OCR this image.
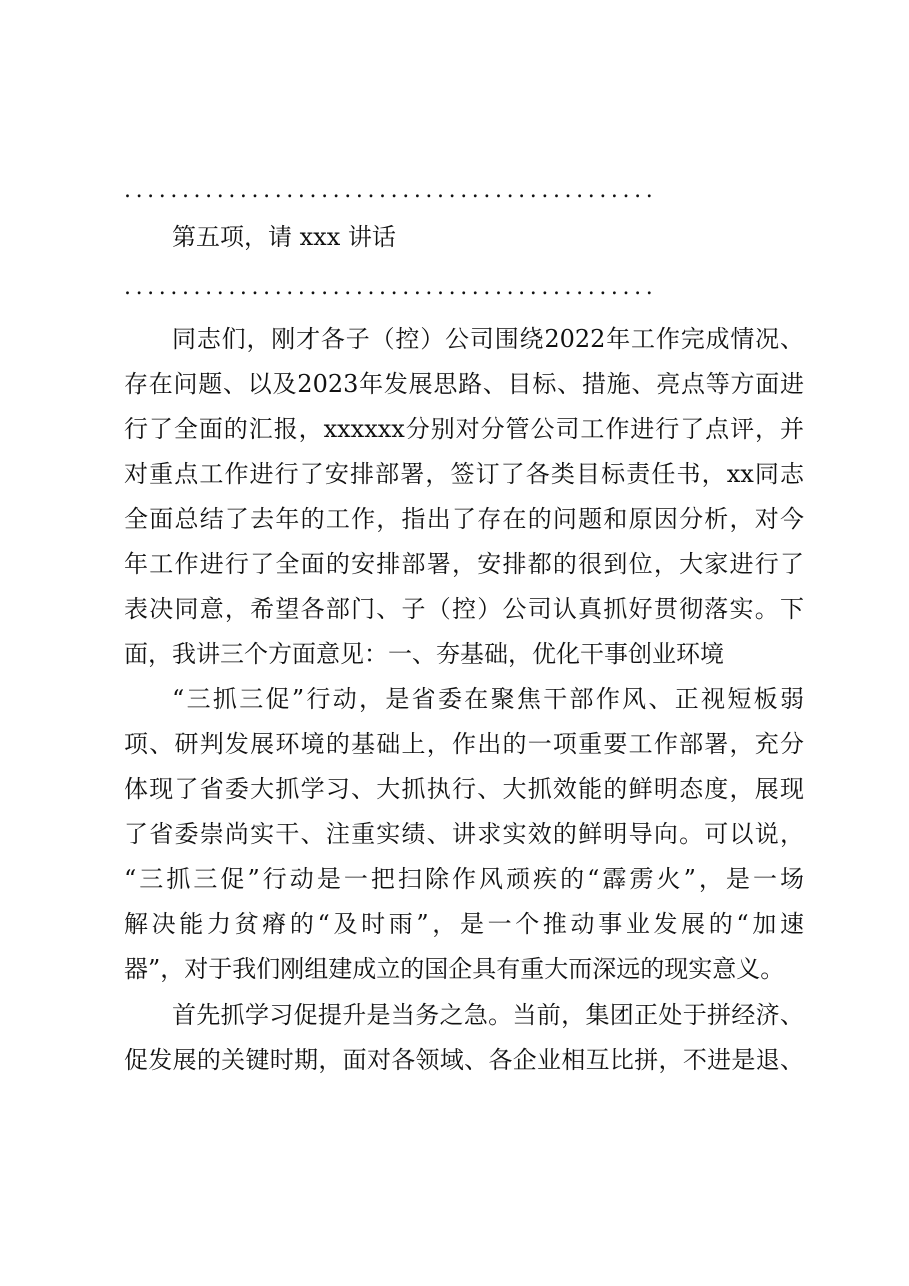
..............................................
第五项，请 xxx 讲话
..............................................
同志们，刚才各子（控）公司围绕2022年工作完成情况、
存在问题、以及2023年发展思路、目标、措施、亮点等方面进
行了全面的汇报，xxxxxx分别对分管公司工作进行了点评，并
对重点工作进行了安排部署，签订了各类目标责任书，xx同志
全面总结了去年的工作，指出了存在的问题和原因分析，对今
年工作进行了全面的安排部署，安排都的很到位，大家进行了
表决同意，希望各部门、子（控）公司认真抓好贯彻落实。下
面，我讲三个方面意见：一、夯基础，优化干事创业环境
“三抓三促”行动，是省委在聚焦干部作风、正视短板弱
项、研判发展环境的基础上，作出的一项重要工作部署，充分
体现了省委大抓学习、大抓执行、大抓效能的鲜明态度，展现
了省委崇尚实干、注重实绩、讲求实效的鲜明导向。可以说，
“三抓三促”行动是一把扫除作风顽疾的“霹雳火”，是一场
解决能力贫瘠的“及时雨”，是一个推动事业发展的“加速
器”，对于我们刚组建成立的国企具有重大而深远的现实意义。
首先抓学习促提升是当务之急。当前，集团正处于拼经济、
促发展的关键时期，面对各领域、各企业相互比拼，不进是退、
